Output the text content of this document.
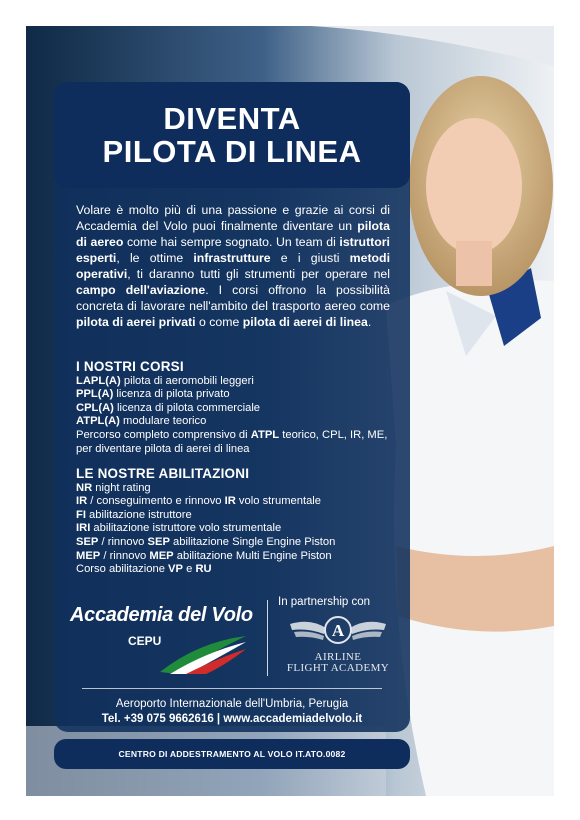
DIVENTA
PILOTA DI LINEA

Volare è molto più di una passione e grazie ai corsi di Accademia del Volo puoi finalmente diventare un pilota di aereo come hai sempre sognato. Un team di istruttori esperti, le ottime infrastrutture e i giusti metodi operativi, ti daranno tutti gli strumenti per operare nel campo dell'aviazione. I corsi offrono la possibilità concreta di lavorare nell'ambito del trasporto aereo come pilota di aerei privati o come pilota di aerei di linea.

I NOSTRI CORSI
LAPL(A) pilota di aeromobili leggeri
PPL(A) licenza di pilota privato
CPL(A) licenza di pilota commerciale
ATPL(A) modulare teorico
Percorso completo comprensivo di ATPL teorico, CPL, IR, ME, per diventare pilota di aerei di linea
LE NOSTRE ABILITAZIONI
NR night rating
IR / conseguimento e rinnovo IR volo strumentale
FI abilitazione istruttore
IRI abilitazione istruttore volo strumentale
SEP / rinnovo SEP abilitazione Single Engine Piston
MEP / rinnovo MEP abilitazione Multi Engine Piston
Corso abilitazione VP e RU
Accademia del Volo
CEPU
In partnership con
A
AIRLINE
FLIGHT ACADEMY
Aeroporto Internazionale dell'Umbria, Perugia
Tel. +39 075 9662616 | www.accademiadelvolo.it
CENTRO DI ADDESTRAMENTO AL VOLO IT.ATO.0082
